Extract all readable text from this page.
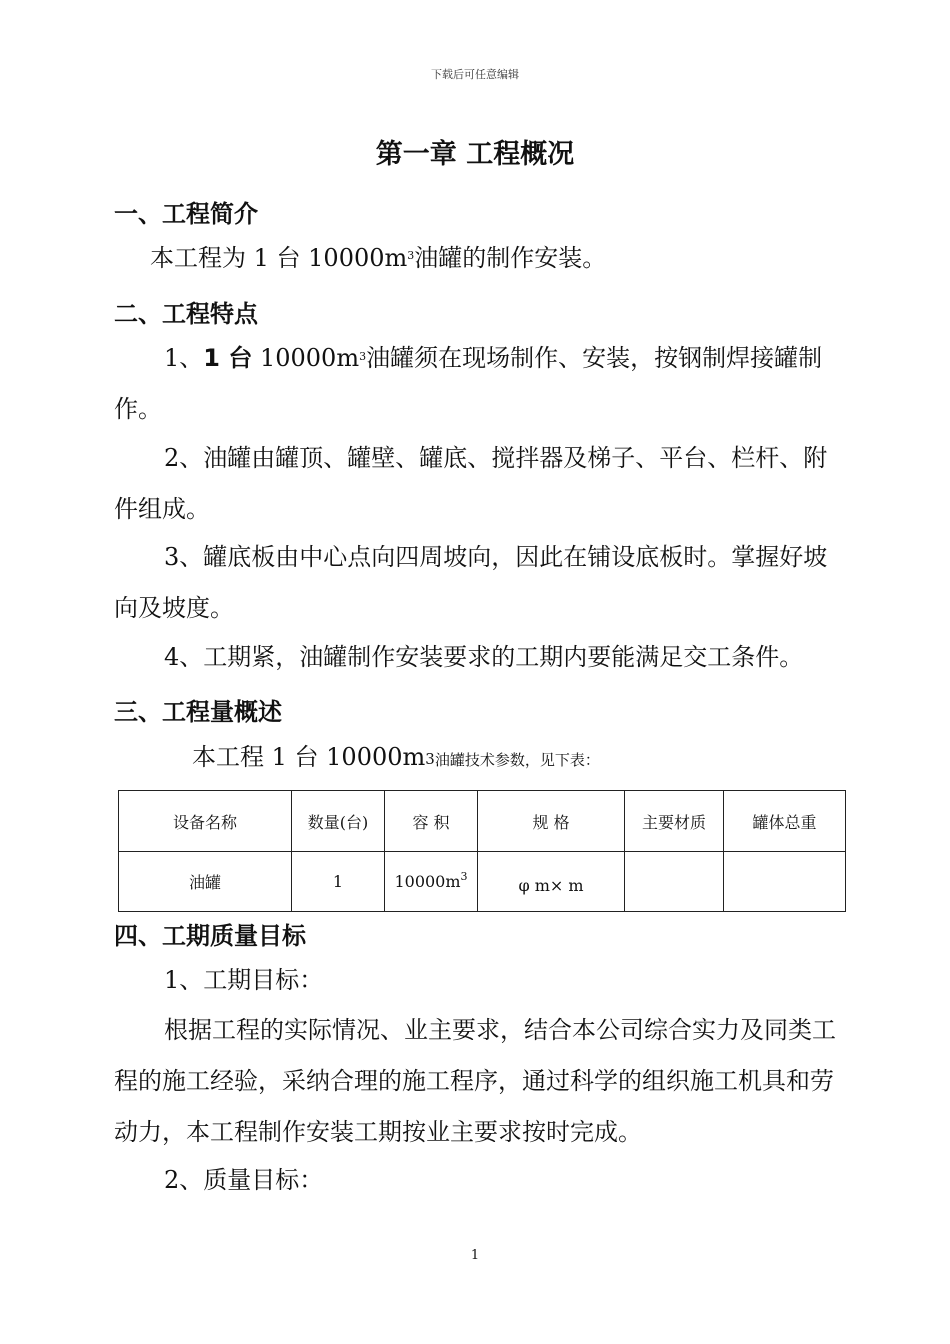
下载后可任意编辑
第一章 工程概况
一、工程简介
本工程为 1 台 $10000m^3$油罐的制作安装。
二、工程特点
1、1 台 $10000m^3$油罐须在现场制作、安装，按钢制焊接罐制作。
2、油罐由罐顶、罐壁、罐底、搅拌器及梯子、平台、栏杆、附件组成。
3、罐底板由中心点向四周坡向，因此在铺设底板时。掌握好坡向及坡度。
4、工期紧，油罐制作安装要求的工期内要能满足交工条件。
三、工程量概述
本工程 1 台 $10000m^3$油罐技术参数，见下表：
设备名称	数量(台)	容 积	规 格	主要材质	罐体总重
油罐	1	$10000m^3$	φ m× m		
四、工期质量目标
1、工期目标：
根据工程的实际情况、业主要求，结合本公司综合实力及同类工程的施工经验，采纳合理的施工程序，通过科学的组织施工机具和劳动力，本工程制作安装工期按业主要求按时完成。
2、质量目标：
1
